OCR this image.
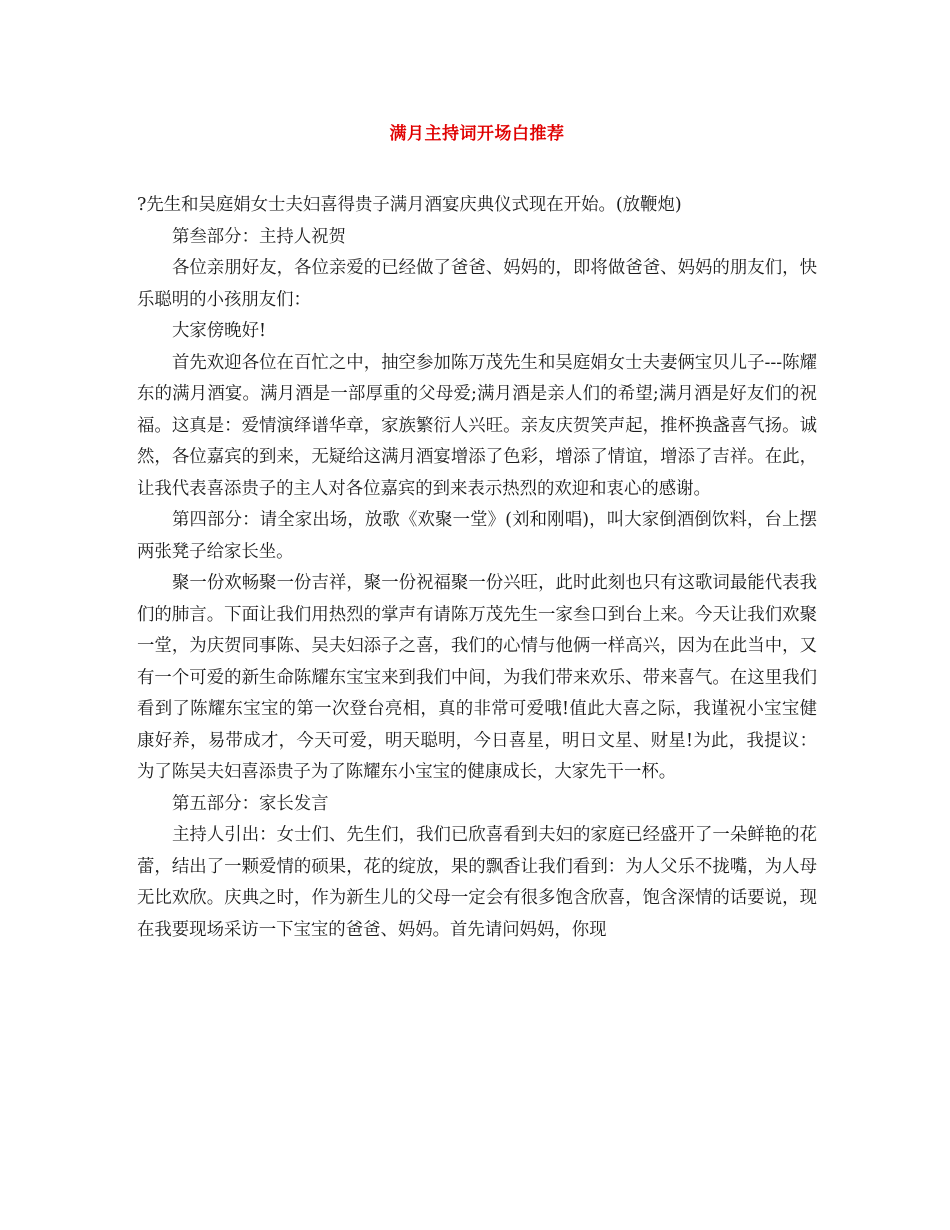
满月主持词开场白推荐

?先生和吴庭娟女士夫妇喜得贵子满月酒宴庆典仪式现在开始。(放鞭炮)

第叁部分：主持人祝贺

各位亲朋好友，各位亲爱的已经做了爸爸、妈妈的，即将做爸爸、妈妈的朋友们，快乐聪明的小孩朋友们：

大家傍晚好!

首先欢迎各位在百忙之中，抽空参加陈万茂先生和吴庭娟女士夫妻俩宝贝儿子---陈耀东的满月酒宴。满月酒是一部厚重的父母爱;满月酒是亲人们的希望;满月酒是好友们的祝福。这真是：爱情演绎谱华章，家族繁衍人兴旺。亲友庆贺笑声起，推杯换盏喜气扬。诚然，各位嘉宾的到来，无疑给这满月酒宴增添了色彩，增添了情谊，增添了吉祥。在此，让我代表喜添贵子的主人对各位嘉宾的到来表示热烈的欢迎和衷心的感谢。

第四部分：请全家出场，放歌《欢聚一堂》(刘和刚唱)，叫大家倒酒倒饮料，台上摆两张凳子给家长坐。

聚一份欢畅聚一份吉祥，聚一份祝福聚一份兴旺，此时此刻也只有这歌词最能代表我们的肺言。下面让我们用热烈的掌声有请陈万茂先生一家叁口到台上来。今天让我们欢聚一堂，为庆贺同事陈、吴夫妇添子之喜，我们的心情与他俩一样高兴，因为在此当中，又有一个可爱的新生命陈耀东宝宝来到我们中间，为我们带来欢乐、带来喜气。在这里我们看到了陈耀东宝宝的第一次登台亮相，真的非常可爱哦!值此大喜之际，我谨祝小宝宝健康好养，易带成才，今天可爱，明天聪明，今日喜星，明日文星、财星!为此，我提议：为了陈吴夫妇喜添贵子为了陈耀东小宝宝的健康成长，大家先干一杯。

第五部分：家长发言

主持人引出：女士们、先生们，我们已欣喜看到夫妇的家庭已经盛开了一朵鲜艳的花蕾，结出了一颗爱情的硕果，花的绽放，果的飘香让我们看到：为人父乐不拢嘴，为人母无比欢欣。庆典之时，作为新生儿的父母一定会有很多饱含欣喜，饱含深情的话要说，现在我要现场采访一下宝宝的爸爸、妈妈。首先请问妈妈，你现
